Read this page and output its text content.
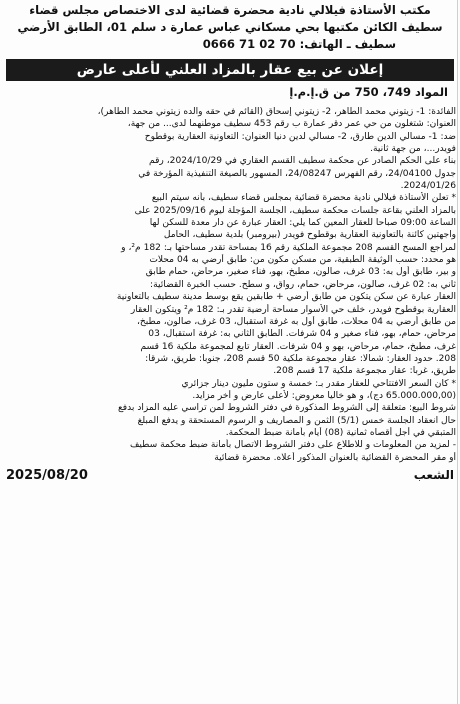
مكتب الأستاذة فيلالي نادية محضرة قضائية لدى الاختصاص مجلس قضاء
سطيف الكائن مكتبها بحي مسكاني عباس عمارة د سلم 01، الطابق الأرضي
سطيف ـ الهاتف: 70 02 71 0666
إعلان عن بيع عقار بالمزاد العلني لأعلى عارض
المواد 749، 750 من ق.إ.م.إ

الفائدة: 1- زيتوني محمد الطاهر، 2- زيتوني إسحاق (القائم في حقه والده زيتوني محمد الطاهر)،

العنوان: شتغلون من حي عمر دقر عمارة ب رقم 453 سطيف موطنهما لدى... من جهة،

ضد: 1- مسالي الدين طارق، 2- مسالي لدين دنيا العنوان: التعاونية العقارية بوقطوح

فويدر...، من جهة ثانية.

بناء على الحكم الصادر عن محكمة سطيف القسم العقاري في 2024/10/29، رقم

جدول 24/04100، رقم الفهرس 24/08247، المسهور بالصيغة التنفيذية المؤرخة في

2024/01/26.

* تعلن الأستاذة فيلالي نادية محضرة قضائية بمجلس قضاء سطيف، بأنه سيتم البيع

بالمزاد العلني بقاعة جلسات محكمة سطيف، الجلسة المؤجلة ليوم 2025/09/16 على

الساعة 09:00 صباحا للعقار المعين كما يلي: العقار عبارة عن دار معدة للسكن لها

واجهتين كائنة بالتعاونية العقارية بوقطوح فويدر (بيرومبر) بلدية سطيف، الحامل

لمراجع المسح القسم 208 مجموعة الملكية رقم 16 بمساحة تقدر مساحتها بـ: 182 م²، و

هو محدد: حسب الوثيقة الطبقية، من مسكن مكون من: طابق أرضي به 04 محلات

و بير، طابق أول به: 03 غرف، صالون، مطبخ، بهو، فناء صغير، مرحاض، حمام طابق

ثاني به: 02 غرف، صالون، مرحاض، حمام، رواق، و سطح. حسب الخبرة القضائية:

العقار عبارة عن سكن يتكون من طابق أرضي + طابقين يقع بوسط مدينة سطيف بالتعاونية

العقارية بوقطوح فويدر، خلف حي الأسوار مساحة أرضية تقدر بـ: 182 م² ويتكون العقار

من طابق أرضي به 04 محلات، طابق أول به غرفة استقبال، 03 غرف، صالون، مطبخ،

مرحاض، حمام، بهو، فناء صغير و 04 شرفات. الطابق الثاني به: غرفة استقبال، 03

غرف، مطبخ، حمام، مرحاض، بهو و 04 شرفات. العقار تابع لمجموعة ملكية 16 قسم

208. حدود العقار: شمالا: عقار مجموعة ملكية 50 قسم 208، جنوبا: طريق، شرقا:

طريق، غربا: عقار مجموعة ملكية 17 قسم 208.

* كان السعر الافتتاحي للعقار مقدر بـ: خمسة و ستون مليون دينار جزائري

(65.000.000,00 دج)، و هو خاليا معروض: لأعلى عارض و أخر مزايد.

شروط البيع: متعلقة إلى الشروط المذكورة في دفتر الشروط لمن تراسي عليه المزاد بدفع

حال انعقاد الجلسة خمس (5/1) الثمن و المصاريف و الرسوم المستحقة و يدفع المبلغ

المتبقي في أجل أقصاه ثمانية (08) أيام بأمانة ضبط المحكمة.

- لمزيد من المعلومات و للاطلاع على دفتر الشروط الاتصال بأمانة ضبط محكمة سطيف

أو مقر المحضرة القضائية بالعنوان المذكور أعلاه. محضرة قضائية

الشعب
2025/08/20
